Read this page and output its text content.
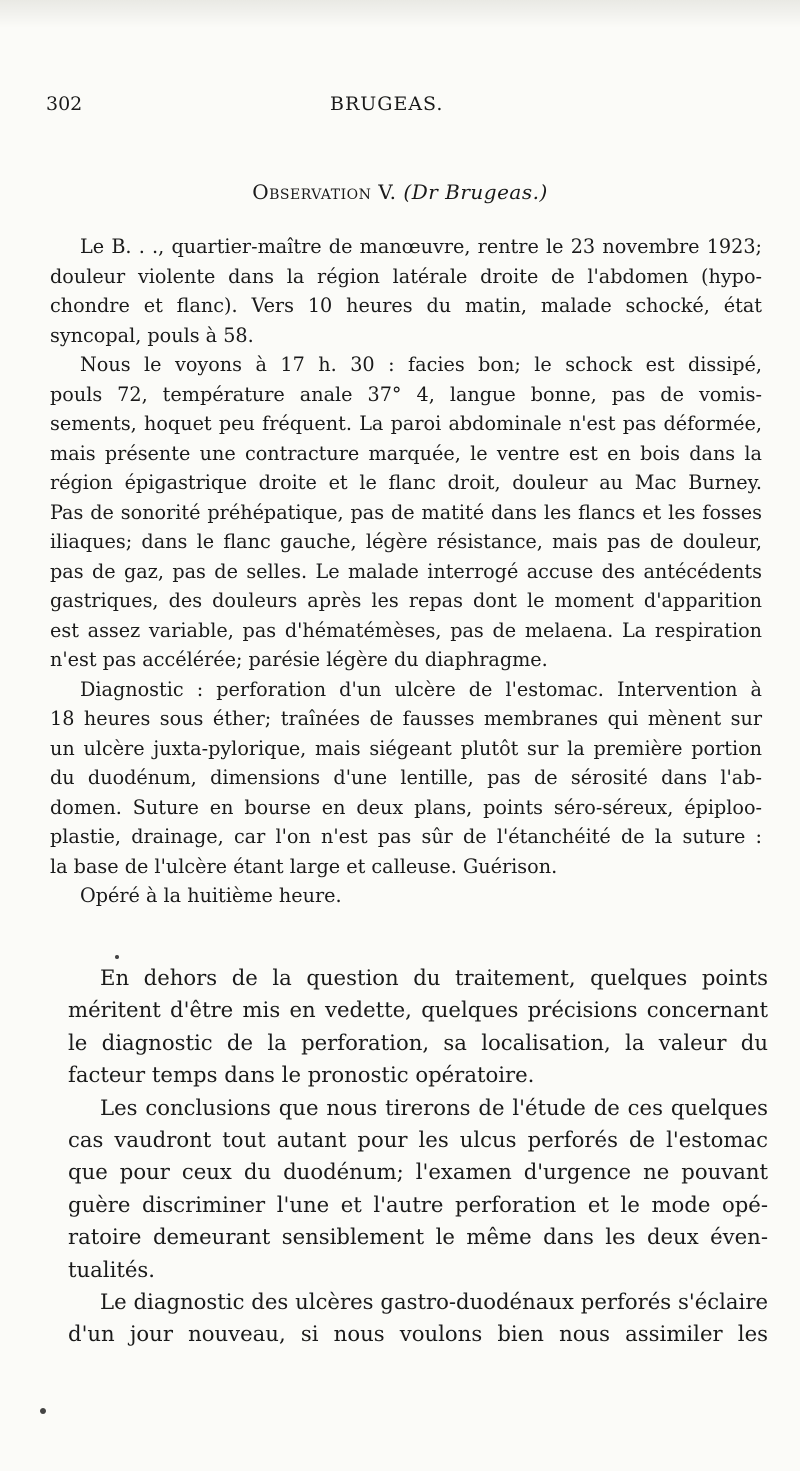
302	BRUGEAS.
Observation V. (Dr Brugeas.)
Le B. . ., quartier-maître de manœuvre, rentre le 23 novembre 1923;
douleur violente dans la région latérale droite de l'abdomen (hypo-
chondre et flanc). Vers 10 heures du matin, malade schocké, état
syncopal, pouls à 58.
Nous le voyons à 17 h. 30 : facies bon; le schock est dissipé,
pouls 72, température anale 37° 4, langue bonne, pas de vomis-
sements, hoquet peu fréquent. La paroi abdominale n'est pas déformée,
mais présente une contracture marquée, le ventre est en bois dans la
région épigastrique droite et le flanc droit, douleur au Mac Burney.
Pas de sonorité préhépatique, pas de matité dans les flancs et les fosses
iliaques; dans le flanc gauche, légère résistance, mais pas de douleur,
pas de gaz, pas de selles. Le malade interrogé accuse des antécédents
gastriques, des douleurs après les repas dont le moment d'apparition
est assez variable, pas d'hématémèses, pas de melaena. La respiration
n'est pas accélérée; parésie légère du diaphragme.
Diagnostic : perforation d'un ulcère de l'estomac. Intervention à
18 heures sous éther; traînées de fausses membranes qui mènent sur
un ulcère juxta-pylorique, mais siégeant plutôt sur la première portion
du duodénum, dimensions d'une lentille, pas de sérosité dans l'ab-
domen. Suture en bourse en deux plans, points séro-séreux, épiploo-
plastie, drainage, car l'on n'est pas sûr de l'étanchéité de la suture :
la base de l'ulcère étant large et calleuse. Guérison.
Opéré à la huitième heure.
En dehors de la question du traitement, quelques points
méritent d'être mis en vedette, quelques précisions concernant
le diagnostic de la perforation, sa localisation, la valeur du
facteur temps dans le pronostic opératoire.
Les conclusions que nous tirerons de l'étude de ces quelques
cas vaudront tout autant pour les ulcus perforés de l'estomac
que pour ceux du duodénum; l'examen d'urgence ne pouvant
guère discriminer l'une et l'autre perforation et le mode opé-
ratoire demeurant sensiblement le même dans les deux éven-
tualités.
Le diagnostic des ulcères gastro-duodénaux perforés s'éclaire
d'un jour nouveau, si nous voulons bien nous assimiler les
